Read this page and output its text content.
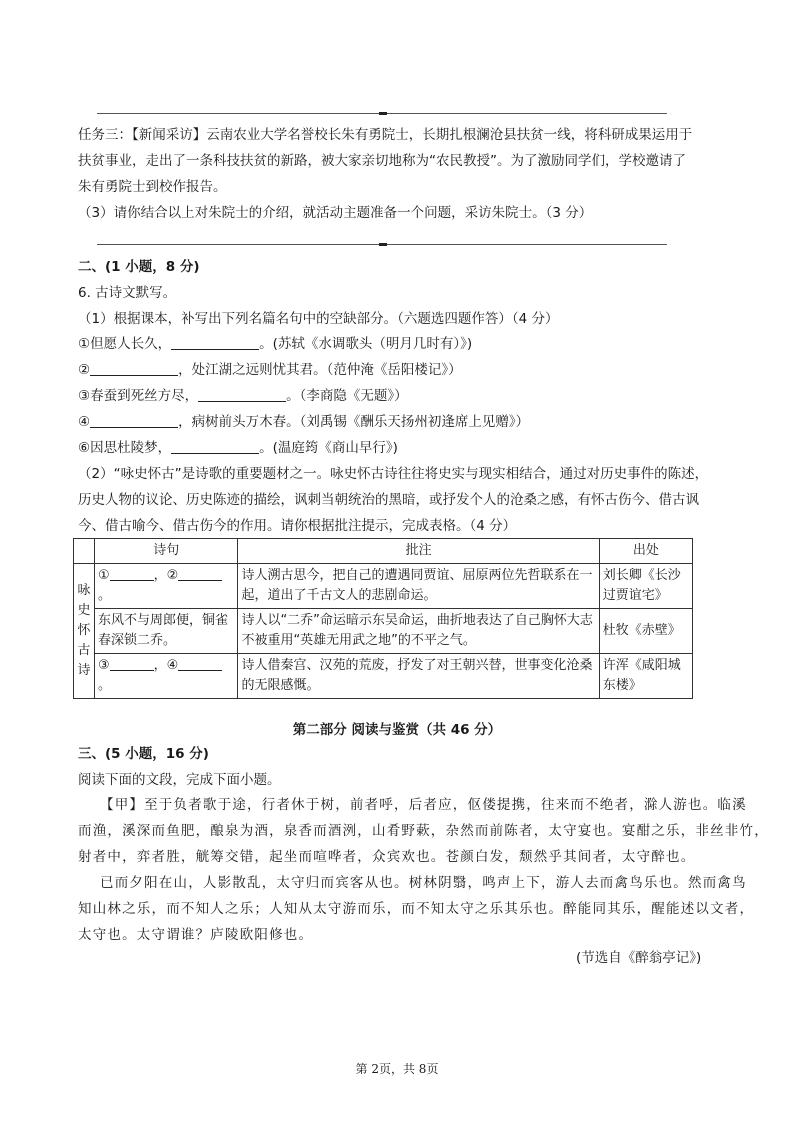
任务三：【新闻采访】云南农业大学名誉校长朱有勇院士，长期扎根澜沧县扶贫一线，将科研成果运用于
扶贫事业，走出了一条科技扶贫的新路，被大家亲切地称为“农民教授”。为了激励同学们，学校邀请了
朱有勇院士到校作报告。
（3）请你结合以上对朱院士的介绍，就活动主题准备一个问题，采访朱院士。（3 分）
二、(1 小题，8 分)
6. 古诗文默写。
（1）根据课本，补写出下列名篇名句中的空缺部分。（六题选四题作答）（4 分）
①但愿人长久，	。(苏轼《水调歌头（明月几时有）》)
②	，处江湖之远则忧其君。（范仲淹《岳阳楼记》）
③春蚕到死丝方尽，	。（李商隐《无题》）
④	，病树前头万木春。（刘禹锡《酬乐天扬州初逢席上见赠》）
⑥因思杜陵梦，	。(温庭筠《商山早行》)
（2）“咏史怀古”是诗歌的重要题材之一。咏史怀古诗往往将史实与现实相结合，通过对历史事件的陈述，
历史人物的议论、历史陈迹的描绘，讽刺当朝统治的黑暗，或抒发个人的沧桑之感，有怀古伤今、借古讽
今、借古喻今、借古伤今的作用。请你根据批注提示，完成表格。（4 分）
	诗句	批注	出处
咏
史
怀
古
诗	① ，②。	诗人溯古思今，把自己的遭遇同贾谊、屈原两位先哲联系在一起，道出了千古文人的悲剧命运。	刘长卿《长沙过贾谊宅》
	东风不与周郎便，铜雀春深锁二乔。	诗人以“二乔”命运暗示东吴命运，曲折地表达了自己胸怀大志不被重用“英雄无用武之地”的不平之气。	杜牧《赤壁》
	③ ，④。	诗人借秦宫、汉苑的荒废，抒发了对王朝兴替，世事变化沧桑的无限感慨。	许浑《咸阳城东楼》
第二部分 阅读与鉴赏（共 46 分）
三、(5 小题，16 分)
阅读下面的文段，完成下面小题。
【甲】至于负者歌于途，行者休于树，前者呼，后者应，伛偻提携，往来而不绝者，滁人游也。临溪
而渔，溪深而鱼肥，酿泉为酒，泉香而酒洌，山肴野蔌，杂然而前陈者，太守宴也。宴酣之乐，非丝非竹，
射者中，弈者胜，觥筹交错，起坐而喧哗者，众宾欢也。苍颜白发，颓然乎其间者，太守醉也。
已而夕阳在山，人影散乱，太守归而宾客从也。树林阴翳，鸣声上下，游人去而禽鸟乐也。然而禽鸟
知山林之乐，而不知人之乐；人知从太守游而乐，而不知太守之乐其乐也。醉能同其乐，醒能述以文者，
太守也。太守谓谁？庐陵欧阳修也。
(节选自《醉翁亭记》)
第 2页，共 8页
